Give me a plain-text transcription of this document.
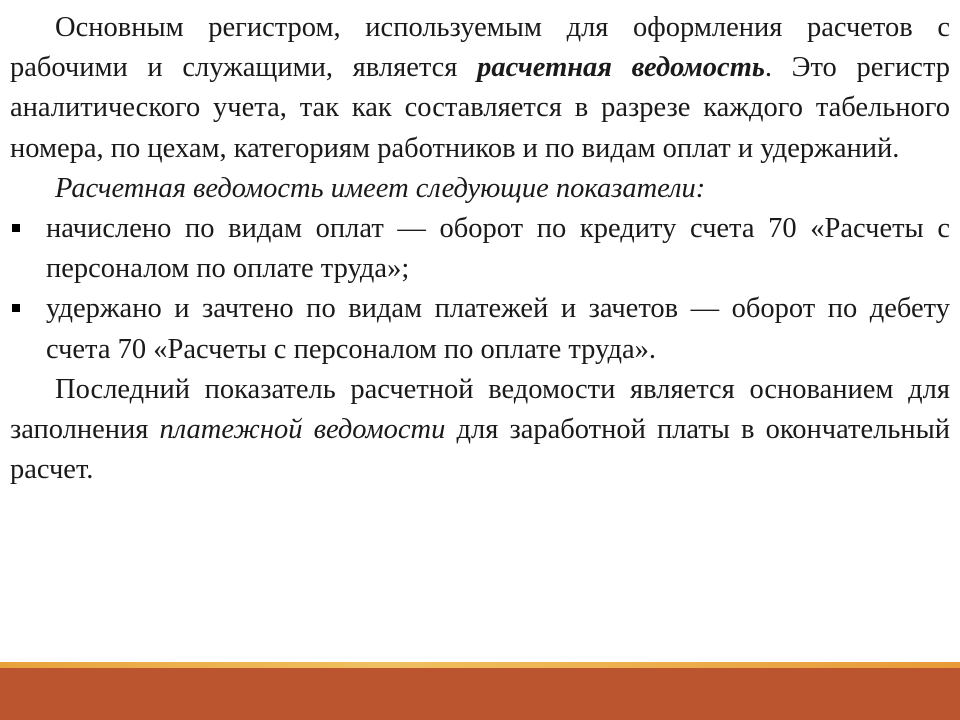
Основным регистром, используемым для оформления расчетов с рабочими и служащими, является расчетная ведомость. Это регистр аналитического учета, так как составляется в разрезе каждого табельного номера, по цехам, категориям работников и по видам оплат и удержаний.

Расчетная ведомость имеет следующие показатели:

начислено по видам оплат — оборот по кредиту счета 70 «Расчеты с персоналом по оплате труда»;
удержано и зачтено по видам платежей и зачетов — оборот по дебету счета 70 «Расчеты с персоналом по оплате труда».

Последний показатель расчетной ведомости является основанием для заполнения платежной ведомости для заработной платы в окончательный расчет.
